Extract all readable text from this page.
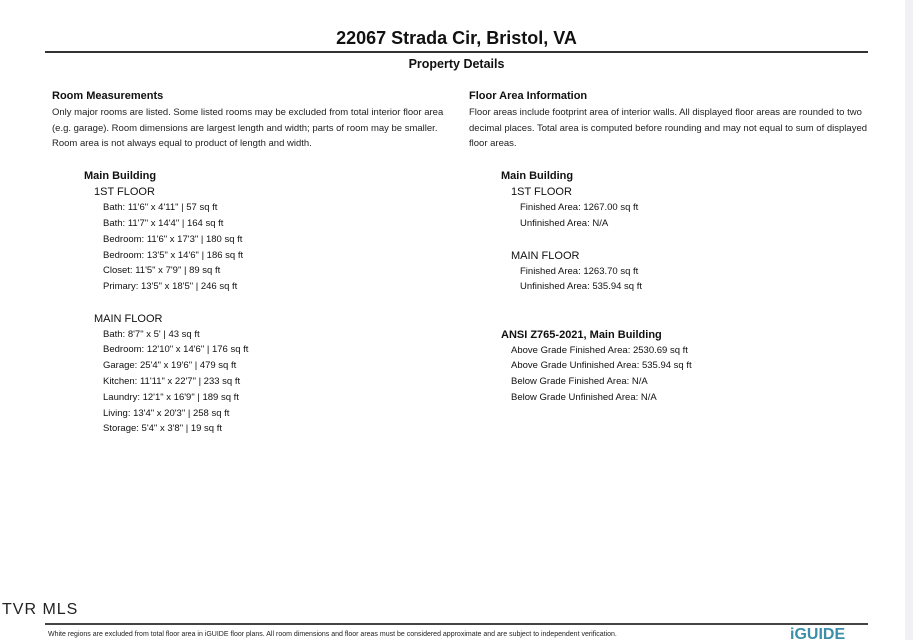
22067 Strada Cir, Bristol, VA
Property Details
Room Measurements
Only major rooms are listed. Some listed rooms may be excluded from total interior floor area
(e.g. garage). Room dimensions are largest length and width; parts of room may be smaller.
Room area is not always equal to product of length and width.
Main Building
1ST FLOOR
Bath: 11'6" x 4'11" | 57 sq ft
Bath: 11'7" x 14'4" | 164 sq ft
Bedroom: 11'6" x 17'3" | 180 sq ft
Bedroom: 13'5" x 14'6" | 186 sq ft
Closet: 11'5" x 7'9" | 89 sq ft
Primary: 13'5" x 18'5" | 246 sq ft
MAIN FLOOR
Bath: 8'7" x 5' | 43 sq ft
Bedroom: 12'10" x 14'6" | 176 sq ft
Garage: 25'4" x 19'6" | 479 sq ft
Kitchen: 11'11" x 22'7" | 233 sq ft
Laundry: 12'1" x 16'9" | 189 sq ft
Living: 13'4" x 20'3" | 258 sq ft
Storage: 5'4" x 3'8" | 19 sq ft
Floor Area Information
Floor areas include footprint area of interior walls. All displayed floor areas are rounded to two
decimal places. Total area is computed before rounding and may not equal to sum of displayed
floor areas.
Main Building
1ST FLOOR
Finished Area: 1267.00 sq ft
Unfinished Area: N/A
MAIN FLOOR
Finished Area: 1263.70 sq ft
Unfinished Area: 535.94 sq ft
ANSI Z765-2021, Main Building
Above Grade Finished Area: 2530.69 sq ft
Above Grade Unfinished Area: 535.94 sq ft
Below Grade Finished Area: N/A
Below Grade Unfinished Area: N/A
TVR MLS
White regions are excluded from total floor area in iGUIDE floor plans. All room dimensions and floor areas must be considered approximate and are subject to independent verification.	iGUIDE
